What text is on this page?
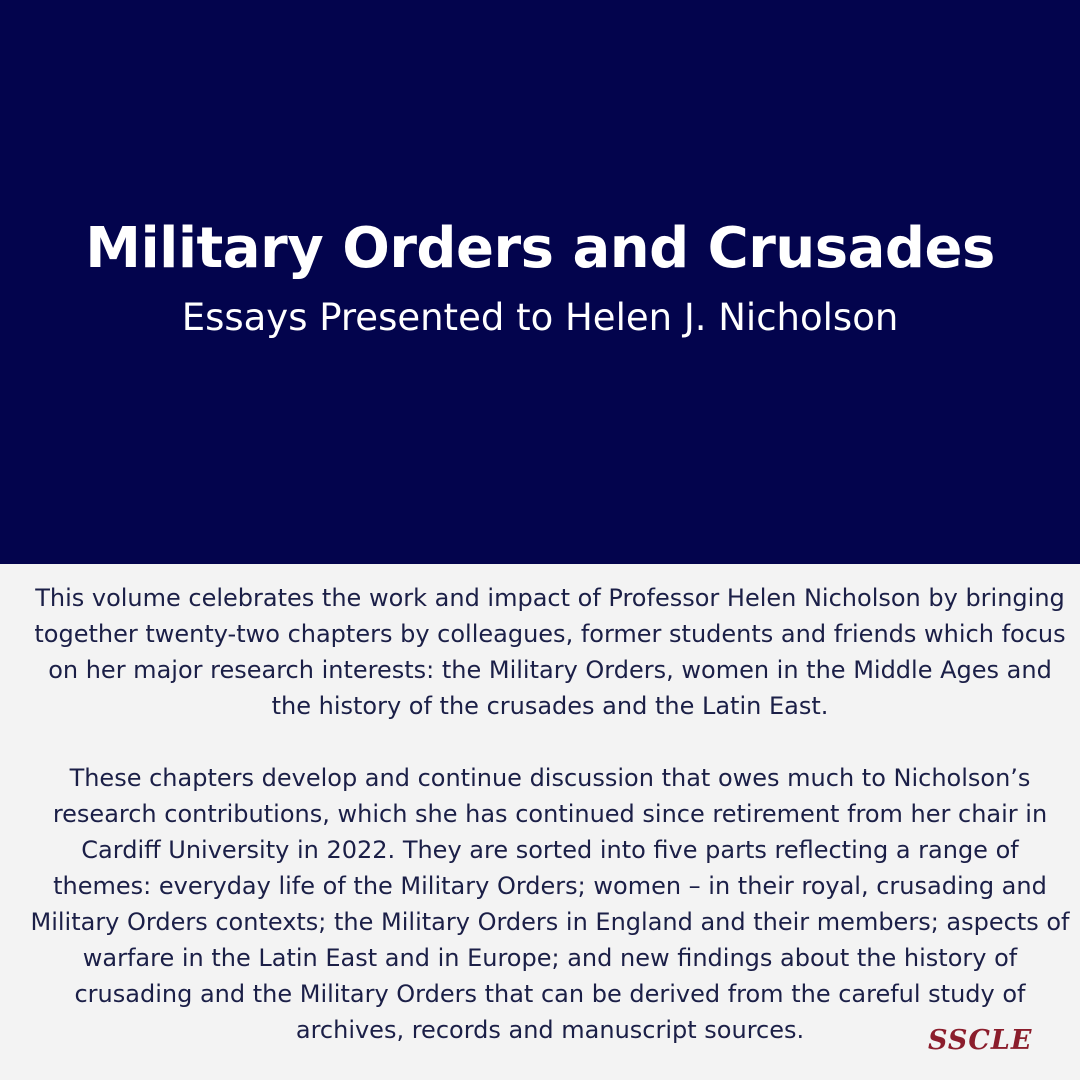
Military Orders and Crusades
Essays Presented to Helen J. Nicholson

This volume celebrates the work and impact of Professor Helen Nicholson by bringing together twenty-two chapters by colleagues, former students and friends which focus on her major research interests: the Military Orders, women in the Middle Ages and the history of the crusades and the Latin East.

These chapters develop and continue discussion that owes much to Nicholson’s research contributions, which she has continued since retirement from her chair in Cardiff University in 2022. They are sorted into five parts reflecting a range of themes: everyday life of the Military Orders; women – in their royal, crusading and Military Orders contexts; the Military Orders in England and their members; aspects of warfare in the Latin East and in Europe; and new findings about the history of crusading and the Military Orders that can be derived from the careful study of archives, records and manuscript sources.	SSCLE
